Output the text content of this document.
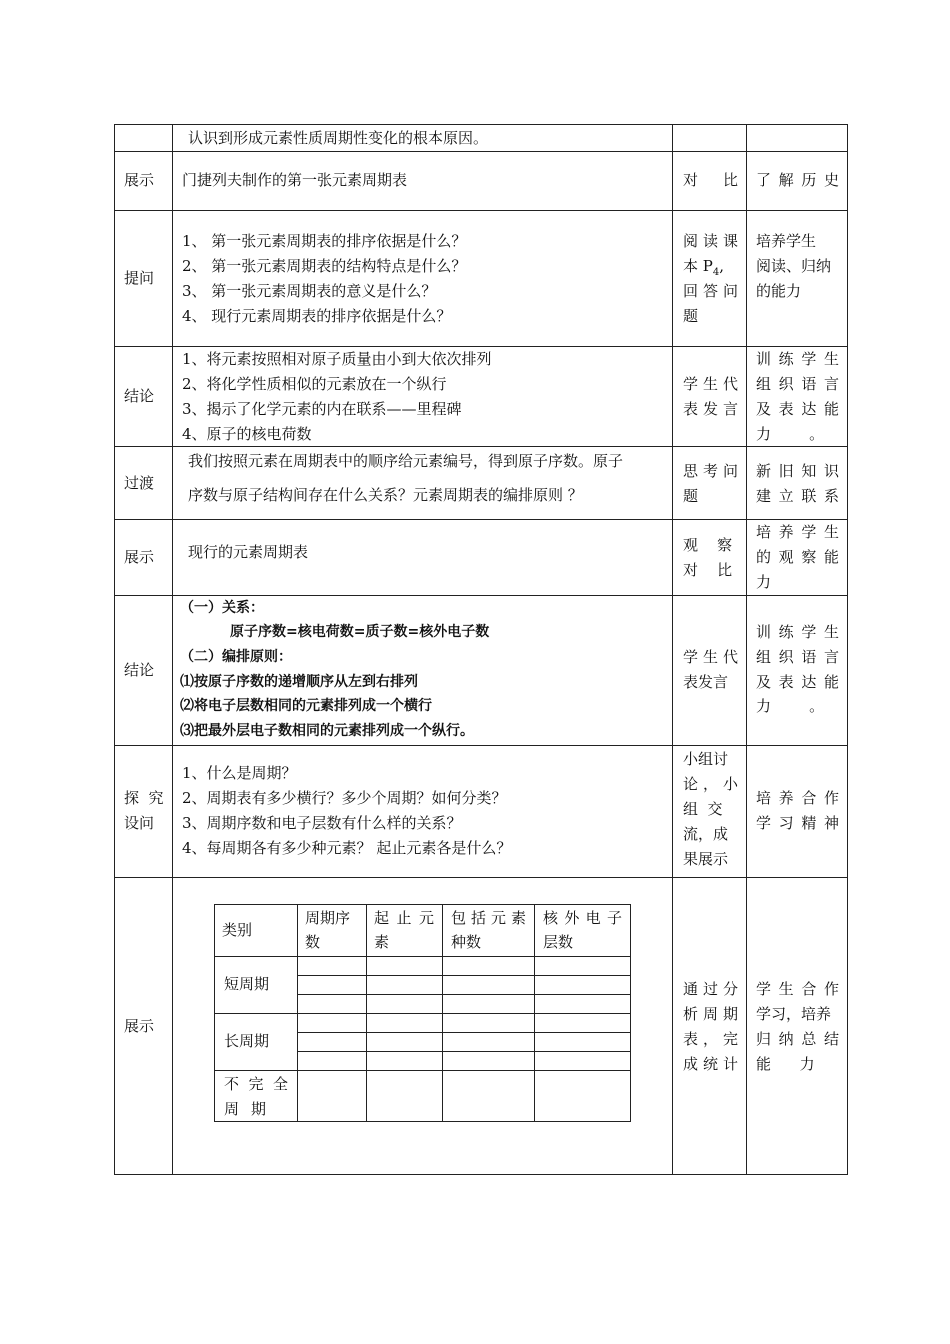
认识到形成元素性质周期性变化的根本原因。
展示 门捷列夫制作的第一张元素周期表	对 比 了解历史
提问
1、 第一张元素周期表的排序依据是什么？
2、 第一张元素周期表的结构特点是什么？
3、 第一张元素周期表的意义是什么？
4、 现行元素周期表的排序依据是什么？
阅读课
本 $P_4$,
回答问
题
培养学生
阅读、归纳
的能力
结论
1、将元素按照相对原子质量由小到大依次排列
2、将化学性质相似的元素放在一个纵行
3、揭示了化学元素的内在联系——里程碑
4、原子的核电荷数
学生代
表发言
训练学生
组织语言
及表达能
力        。
过渡
我们按照元素在周期表中的顺序给元素编号，得到原子序数。原子
序数与原子结构间存在什么关系？元素周期表的编排原则 ？
思考问
题
新旧知识
建立联系
展示 现行的元素周期表	观    察
对    比
培养学生
的观察能
力
结论
（一）关系：
原子序数=核电荷数=质子数=核外电子数
（二）编排原则：
⑴按原子序数的递增顺序从左到右排列
⑵将电子层数相同的元素排列成一个横行
⑶把最外层电子数相同的元素排列成一个纵行。
学生代
表发言
训练学生
组织语言
及表达能
力        。
探  究
设问
1、什么是周期？
2、周期表有多少横行？多少个周期？如何分类？
3、周期序数和电子层数有什么样的关系？
4、每周期各有多少种元素？ 起止元素各是什么？
小组讨
论，小
组  交
流，成
果展示
培养合作
学习精神
展示
通过分
析周期
表，完
成统计
学生合作
学习，培养
归纳总结
能      力
类别
周期序
数
起止元
素
包括元素
种数
核外电子
层数
短周期
长周期
不完全
周期
